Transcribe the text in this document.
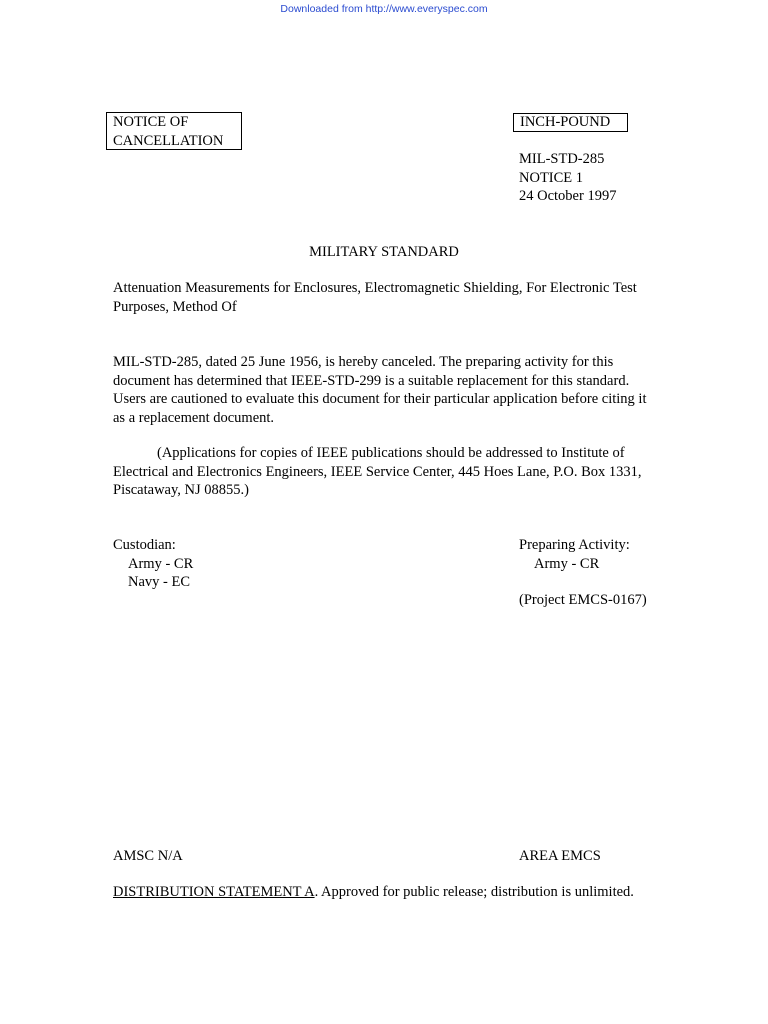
Downloaded from http://www.everyspec.com
NOTICE OF
CANCELLATION
INCH-POUND
MIL-STD-285
NOTICE 1
24 October 1997
MILITARY STANDARD
Attenuation Measurements for Enclosures, Electromagnetic Shielding, For Electronic Test Purposes, Method Of
MIL-STD-285, dated 25 June 1956, is hereby canceled. The preparing activity for this document has determined that IEEE-STD-299 is a suitable replacement for this standard. Users are cautioned to evaluate this document for their particular application before citing it as a replacement document.
(Applications for copies of IEEE publications should be addressed to Institute of Electrical and Electronics Engineers, IEEE Service Center, 445 Hoes Lane, P.O. Box 1331, Piscataway, NJ 08855.)
Custodian:
Army - CR
Navy - EC
Preparing Activity:
Army - CR
(Project EMCS-0167)
AMSC N/A	AREA EMCS
DISTRIBUTION STATEMENT A. Approved for public release; distribution is unlimited.
